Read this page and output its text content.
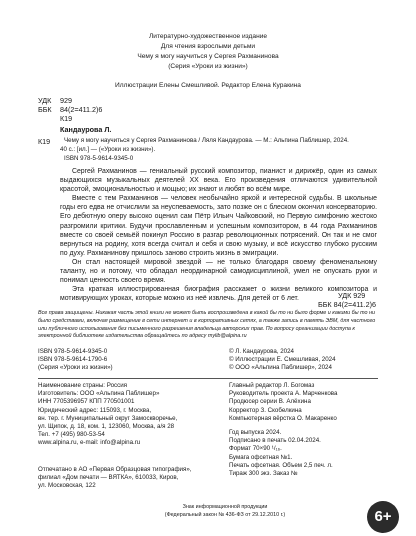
Литературно-художественное издание
Для чтения взрослыми детьми
Чему я могу научиться у Сергея Рахманинова
(Серия «Уроки из жизни»)
Иллюстрации Елены Смешливой. Редактор Елена Куракина
УДК 929
ББК 84(2=411.2)6
К19
Кандаурова Л.
К19 Чему я могу научиться у Сергея Рахманинова / Ляля Кандаурова. — М.: Альпина Паблишер, 2024.
40 с.: [ил.] — («Уроки из жизни»).
ISBN 978-5-9614-9345-0
Сергей Рахманинов — гениальный русский композитор, пианист и дирижёр, один из самых выдающихся музыкальных деятелей XX века. Его произведения отличаются удивительной красотой, эмоциональностью и мощью; их знают и любят во всём мире.
Вместе с тем Рахманинов — человек необычайно яркой и интересной судьбы. В школьные годы его едва не отчислили за неуспеваемость, зато позже он с блеском окончил консерваторию. Его дебютную оперу высоко оценил сам Пётр Ильич Чайковский, но Первую симфонию жестоко разгромили критики. Будучи прославленным и успешным композитором, в 44 года Рахманинов вместе со своей семьёй покинул Россию в разгар революционных потрясений. Он так и не смог вернуться на родину, хотя всегда считал и себя и свою музыку, и всё искусство глубоко русским по духу. Рахманинову пришлось заново строить жизнь в эмиграции.
Он стал настоящей мировой звездой — не только благодаря своему феноменальному таланту, но и потому, что обладал неординарной самодисциплиной, умел не опускать руки и понимал ценность своего время.
Эта краткая иллюстрированная биография расскажет о жизни великого композитора и мотивирующих уроках, которые можно из неё извлечь. Для детей от 6 лет.	УДК 929
ББК 84(2=411.2)6
Все права защищены. Никакая часть этой книги не может быть воспроизведена в какой бы то ни было форме и какими бы то ни было средствами, включая размещение в сети интернет и в корпоративных сетях, а также запись в память ЭВМ, для частного или публичного использования без письменного разрешения владельца авторских прав. По вопросу организации доступа к электронной библиотеке издательства обращайтесь по адресу mylib@alpina.ru
ISBN 978-5-9614-9345-0
ISBN 978-5-9614-1790-6
(Серия «Уроки из жизни»)
© Л. Кандаурова, 2024
© Иллюстрации Е. Смешливая, 2024
© ООО «Альпина Паблишер», 2024
Наименование страны: Россия
Изготовитель: ООО «Альпина Паблишер»
ИНН 7705396957 КПП 770501001
Юридический адрес: 115093, г. Москва,
вн. тер. г. Муниципальный округ Замоскворечье,
ул. Щипок, д. 18, ком. 1, 123060, Москва, а/я 28
Тел. +7 (495) 980-53-54
www.alpina.ru, e-mail: info@alpina.ru
Главный редактор Л. Богомаз
Руководитель проекта А. Марченкова
Продюсер серии В. Алёхина
Корректор З. Скобелкина
Компьютерная вёрстка О. Макаренко
Год выпуска 2024.
Подписано в печать 02.04.2024.
Формат 70×90 ¹/₁₆.
Бумага офсетная №1.
Печать офсетная. Объем 2,5 печ. л.
Тираж 300 экз. Заказ №
Отпечатано в АО «Первая Образцовая типография»,
филиал «Дом печати — ВЯТКА», 610033, Киров,
ул. Московская, 122
Знак информационной продукции
(Федеральный закон № 436-ФЗ от 29.12.2010 г.)	6+
